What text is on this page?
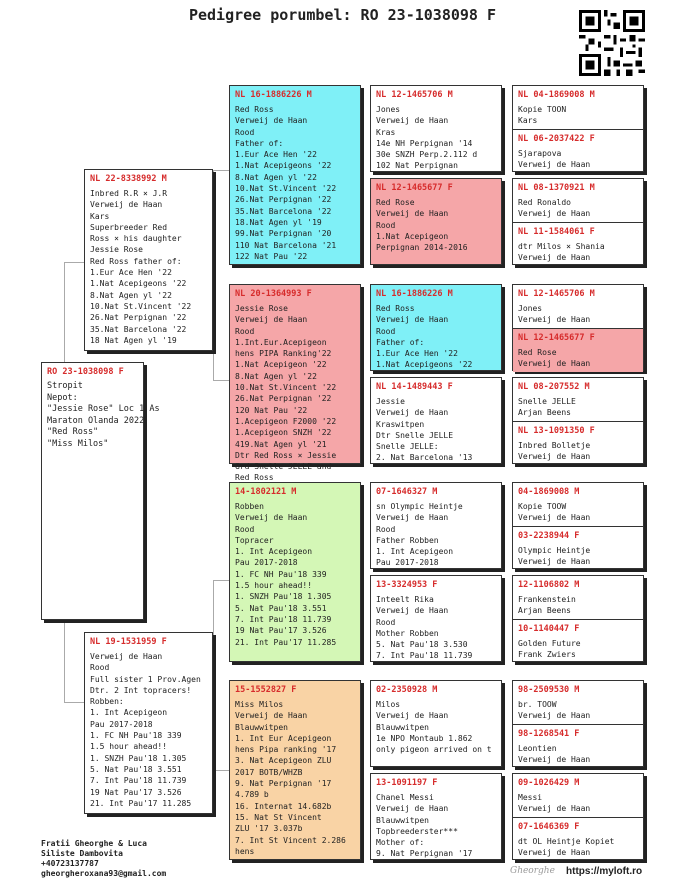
Pedigree porumbel: RO 23-1038098 F
RO 23-1038098 F
Stropit
Nepot:
"Jessie Rose" Loc 1 As
Maraton Olanda 2022
"Red Ross"
"Miss Milos"
NL 22-8338992 M
Inbred R.R × J.R
Verweij de Haan
Kars
Superbreeder Red
Ross × his daughter
Jessie Rose
Red Ross father of:
1.Eur Ace Hen '22
1.Nat Acepigeons '22
8.Nat Agen yl '22
10.Nat St.Vincent '22
26.Nat Perpignan '22
35.Nat Barcelona '22
18 Nat Agen yl '19
NL 19-1531959 F
Verweij de Haan
Rood
Full sister 1 Prov.Agen
Dtr. 2 Int topracers!
Robben:
1. Int Acepigeon
Pau 2017-2018
1. FC NH Pau'18 339
1.5 hour ahead!!
1. SNZH Pau'18 1.305
5. Nat Pau'18 3.551
7. Int Pau'18 11.739
19 Nat Pau'17 3.526
21. Int Pau'17 11.285
NL 16-1886226 M
Red Ross
Verweij de Haan
Rood
Father of:
1.Eur Ace Hen '22
1.Nat Acepigeons '22
8.Nat Agen yl '22
10.Nat St.Vincent '22
26.Nat Perpignan '22
35.Nat Barcelona '22
18.Nat Agen yl '19
99.Nat Perpignan '20
110 Nat Barcelona '21
122 Nat Pau '22
NL 20-1364993 F
Jessie Rose
Verweij de Haan
Rood
1.Int.Eur.Acepigeon
hens PIPA Ranking'22
1.Nat Acepigeon '22
8.Nat Agen yl '22
10.Nat St.Vincent '22
26.Nat Perpignan '22
120 Nat Pau '22
1.Acepigeon F2000 '22
1.Acepigeon SNZH '22
419.Nat Agen yl '21
Dtr Red Ross × Jessie
Grd Snelle JELLE and
Red Ross
14-1802121 M
Robben
Verweij de Haan
Rood
Topracer
1. Int Acepigeon
Pau 2017-2018
1. FC NH Pau'18 339
1.5 hour ahead!!
1. SNZH Pau'18 1.305
5. Nat Pau'18 3.551
7. Int Pau'18 11.739
19 Nat Pau'17 3.526
21. Int Pau'17 11.285
15-1552827 F
Miss Milos
Verweij de Haan
Blauwwitpen
1. Int Eur Acepigeon
hens Pipa ranking '17
3. Nat Acepigeon ZLU
2017 BOTB/WHZB
9. Nat Perpignan '17
4.789 b
16. Internat 14.682b
15. Nat St Vincent
ZLU '17 3.037b
7. Int St Vincent 2.286
hens
NL 12-1465706 M
Jones
Verweij de Haan
Kras
14e NH Perpignan '14
30e SNZH Perp.2.112 d
102 Nat Perpignan
NL 12-1465677 F
Red Rose
Verweij de Haan
Rood
1.Nat Acepigeon
Perpignan 2014-2016
NL 16-1886226 M
Red Ross
Verweij de Haan
Rood
Father of:
1.Eur Ace Hen '22
1.Nat Acepigeons '22
NL 14-1489443 F
Jessie
Verweij de Haan
Kraswitpen
Dtr Snelle JELLE
Snelle JELLE:
2. Nat Barcelona '13
07-1646327 M
sn Olympic Heintje
Verweij de Haan
Rood
Father Robben
1. Int Acepigeon
Pau 2017-2018
13-3324953 F
Inteelt Rika
Verweij de Haan
Rood
Mother Robben
5. Nat Pau'18 3.530
7. Int Pau'18 11.739
02-2350928 M
Milos
Verweij de Haan
Blauwwitpen
1e NPO Montaub 1.862
only pigeon arrived on t
13-1091197 F
Chanel Messi
Verweij de Haan
Blauwwitpen
Topbreederster***
Mother of:
9. Nat Perpignan '17
NL 04-1869008 M
Kopie TOON
Kars
NL 06-2037422 F
Sjarapova
Verweij de Haan
NL 08-1370921 M
Red Ronaldo
Verweij de Haan
NL 11-1584061 F
dtr Milos × Shania
Verweij de Haan
NL 12-1465706 M
Jones
Verweij de Haan
NL 12-1465677 F
Red Rose
Verweij de Haan
NL 08-207552 M
Snelle JELLE
Arjan Beens
NL 13-1091350 F
Inbred Bolletje
Verweij de Haan
04-1869008 M
Kopie TOOW
Verweij de Haan
03-2238944 F
Olympic Heintje
Verweij de Haan
12-1106802 M
Frankenstein
Arjan Beens
10-1140447 F
Golden Future
Frank Zwiers
98-2509530 M
br. TOOW
Verweij de Haan
98-1268541 F
Leontien
Verweij de Haan
09-1026429 M
Messi
Verweij de Haan
07-1646369 F
dt OL Heintje Kopiet
Verweij de Haan
Fratii Gheorghe & Luca
Siliste Dambovita
+40723137787
gheorgheroxana93@gmail.com	Gheorghe https://myloft.ro
